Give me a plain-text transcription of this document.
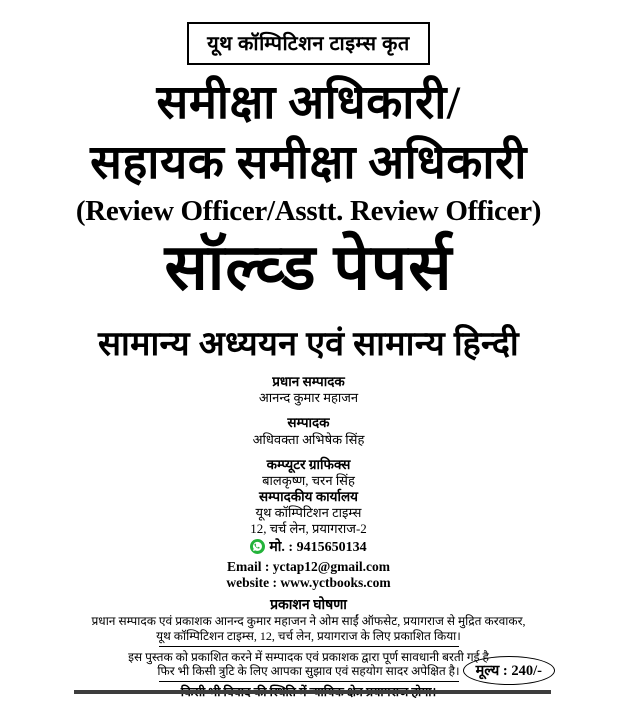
यूथ कॉम्पिटिशन टाइम्स कृत
समीक्षा अधिकारी/
सहायक समीक्षा अधिकारी
(Review Officer/Asstt. Review Officer)
सॉल्व्ड पेपर्स
सामान्य अध्ययन एवं सामान्य हिन्दी
प्रधान सम्पादक
आनन्द कुमार महाजन
सम्पादक
अधिवक्ता अभिषेक सिंह
कम्प्यूटर ग्राफिक्स
बालकृष्ण, चरन सिंह
सम्पादकीय कार्यालय
यूथ कॉम्पिटिशन टाइम्स
12, चर्च लेन, प्रयागराज-2
मो. : 9415650134
Email : yctap12@gmail.com
website : www.yctbooks.com
प्रकाशन घोषणा
प्रधान सम्पादक एवं प्रकाशक आनन्द कुमार महाजन ने ओम साईं ऑफसेट, प्रयागराज से मुद्रित करवाकर,
यूथ कॉम्पिटिशन टाइम्स, 12, चर्च लेन, प्रयागराज के लिए प्रकाशित किया।
इस पुस्तक को प्रकाशित करने में सम्पादक एवं प्रकाशक द्वारा पूर्ण सावधानी बरती गई है
फिर भी किसी त्रुटि के लिए आपका सुझाव एवं सहयोग सादर अपेक्षित है।	मूल्य : 240/-
